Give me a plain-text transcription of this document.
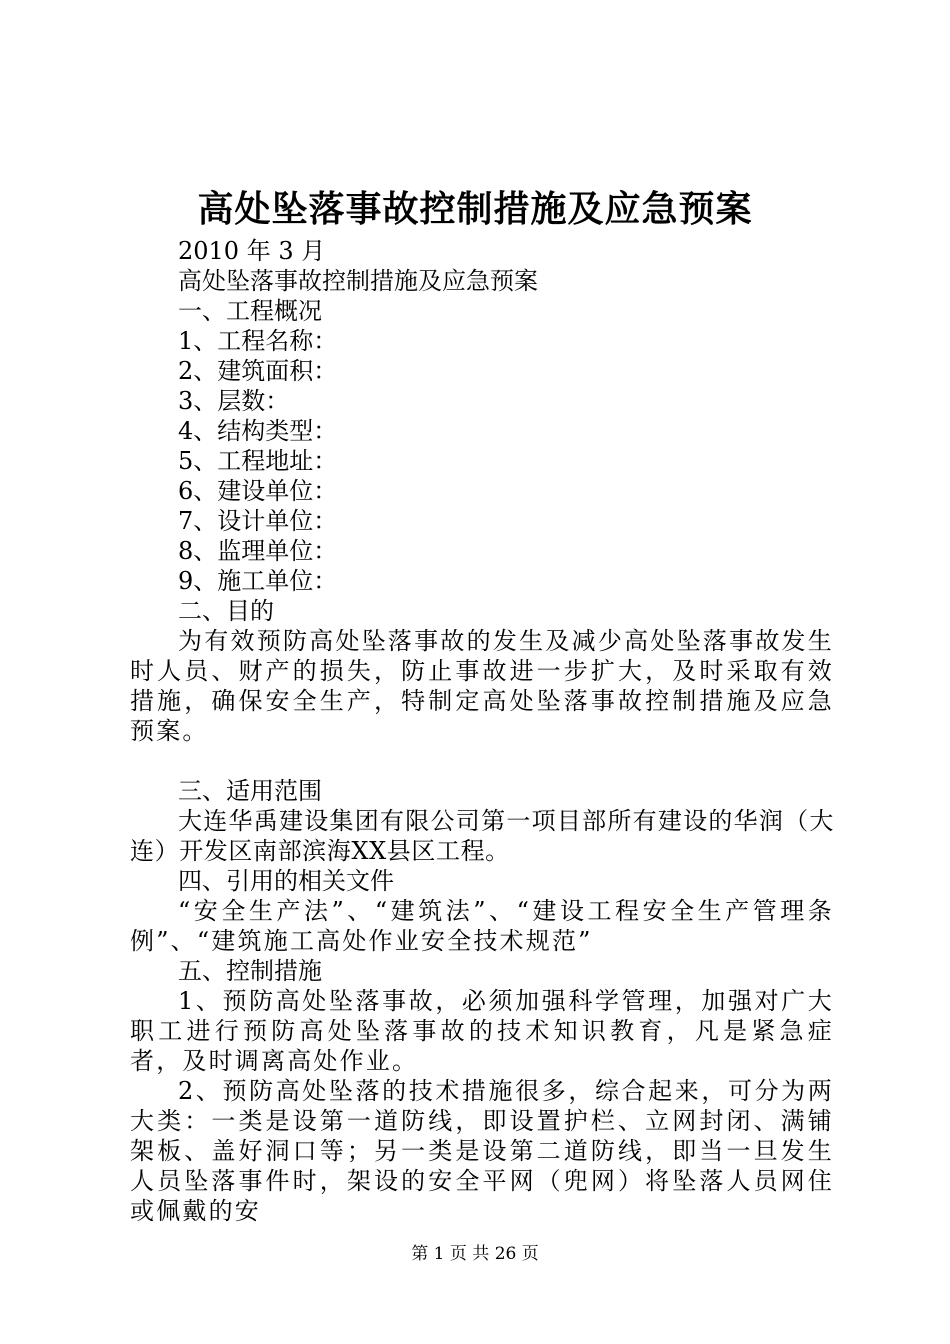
高处坠落事故控制措施及应急预案
2010 年 3 月
高处坠落事故控制措施及应急预案
一、工程概况
1、工程名称：
2、建筑面积：
3、层数：
4、结构类型：
5、工程地址：
6、建设单位：
7、设计单位：
8、监理单位：
9、施工单位：
二、目的

为有效预防高处坠落事故的发生及减少高处坠落事故发生时人员、财产的损失，防止事故进一步扩大，及时采取有效措施，确保安全生产，特制定高处坠落事故控制措施及应急预案。

三、适用范围

大连华禹建设集团有限公司第一项目部所有建设的华润（大连）开发区南部滨海XX县区工程。

四、引用的相关文件

“安全生产法”、“建筑法”、“建设工程安全生产管理条例”、“建筑施工高处作业安全技术规范”

五、控制措施

1、预防高处坠落事故，必须加强科学管理，加强对广大职工进行预防高处坠落事故的技术知识教育，凡是紧急症者，及时调离高处作业。

2、预防高处坠落的技术措施很多，综合起来，可分为两大类：一类是设第一道防线，即设置护栏、立网封闭、满铺架板、盖好洞口等；另一类是设第二道防线，即当一旦发生人员坠落事件时，架设的安全平网（兜网）将坠落人员网住或佩戴的安

第 1 页 共 26 页
